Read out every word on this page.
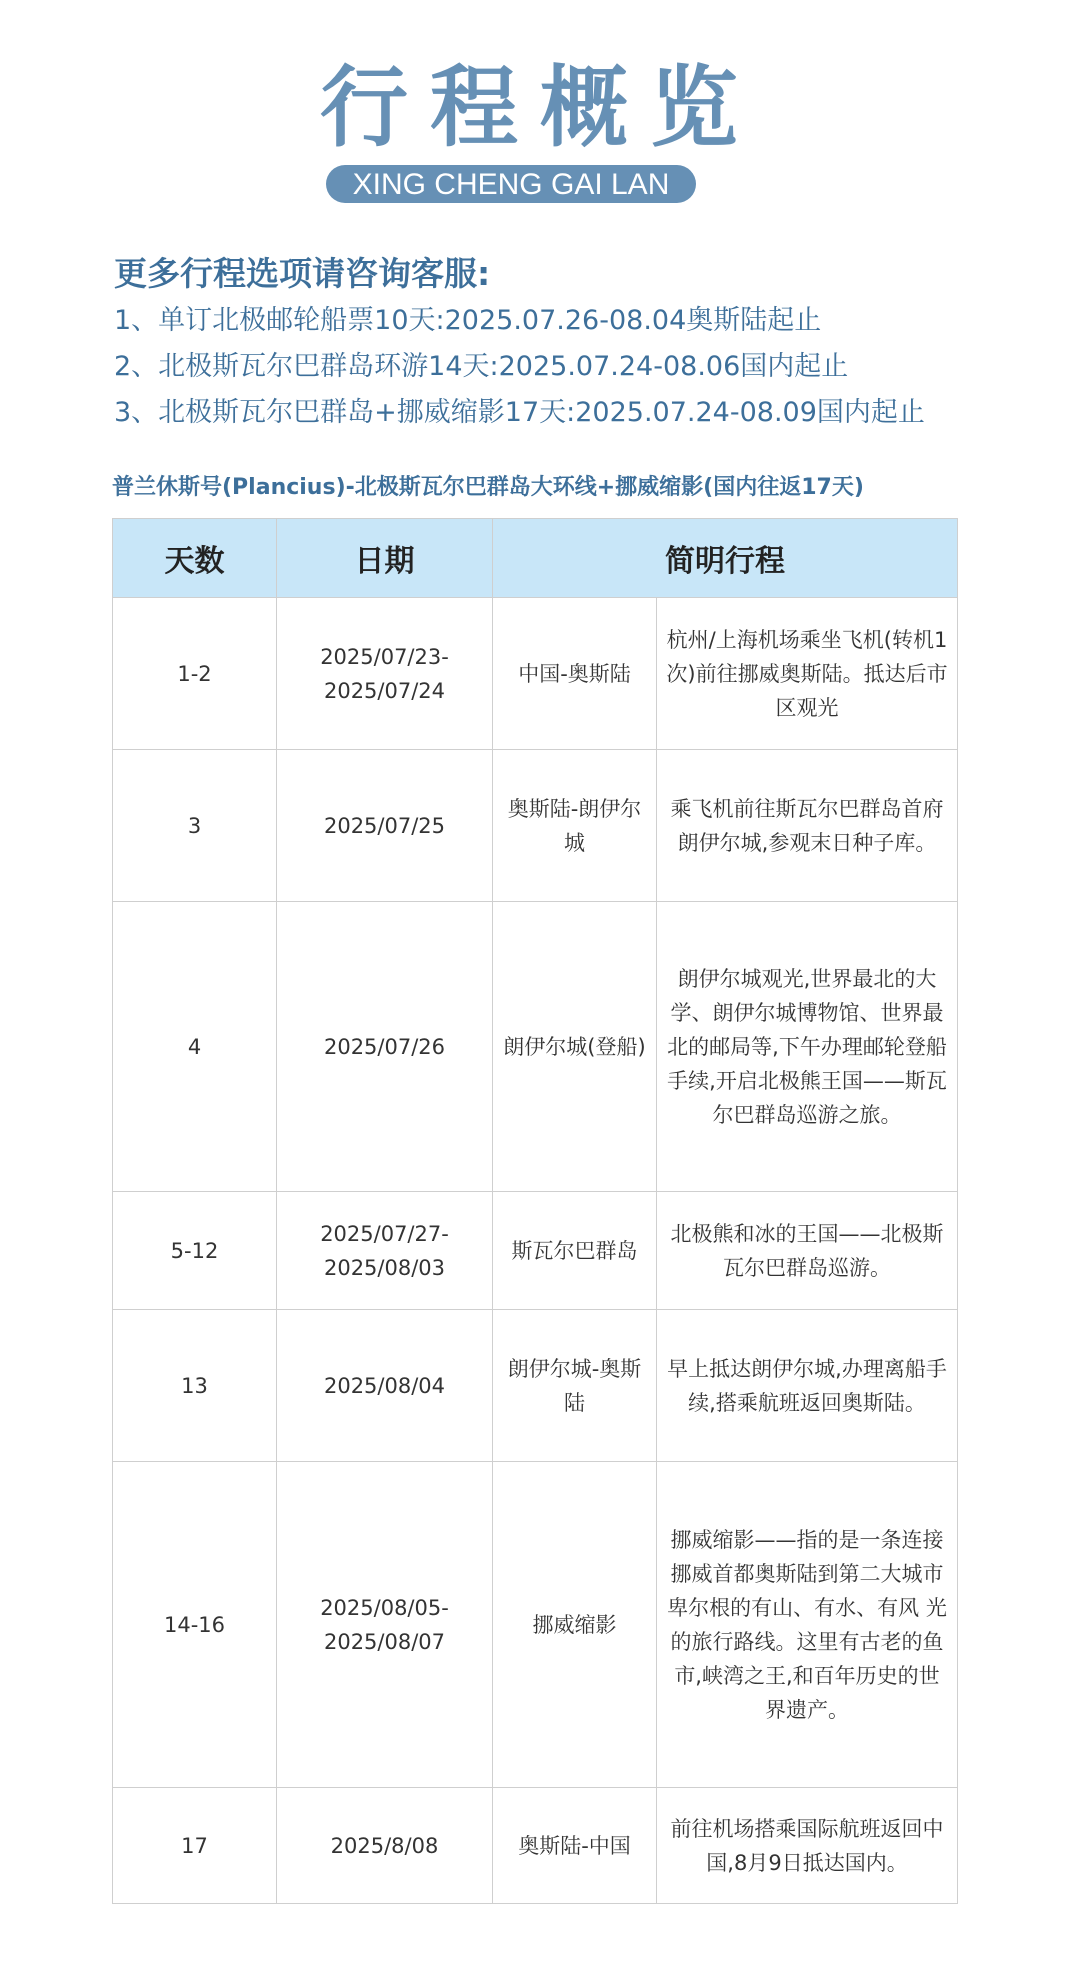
行程概览
XING CHENG GAI LAN
更多行程选项请咨询客服:
1、单订北极邮轮船票10天:2025.07.26-08.04奥斯陆起止
2、北极斯瓦尔巴群岛环游14天:2025.07.24-08.06国内起止
3、北极斯瓦尔巴群岛+挪威缩影17天:2025.07.24-08.09国内起止
普兰休斯号(Plancius)-北极斯瓦尔巴群岛大环线+挪威缩影(国内往返17天)
天数	日期	简明行程	
1-2	2025/07/23-2025/07/24	中国-奥斯陆	杭州/上海机场乘坐飞机(转机1次)前往挪威奥斯陆。抵达后市区观光
3	2025/07/25	奥斯陆-朗伊尔城	乘飞机前往斯瓦尔巴群岛首府朗伊尔城,参观末日种子库。
4	2025/07/26	朗伊尔城(登船)	朗伊尔城观光,世界最北的大学、朗伊尔城博物馆、世界最北的邮局等,下午办理邮轮登船手续,开启北极熊王国——斯瓦尔巴群岛巡游之旅。
5-12	2025/07/27-2025/08/03	斯瓦尔巴群岛	北极熊和冰的王国——北极斯瓦尔巴群岛巡游。
13	2025/08/04	朗伊尔城-奥斯陆	早上抵达朗伊尔城,办理离船手续,搭乘航班返回奥斯陆。
14-16	2025/08/05-2025/08/07	挪威缩影	挪威缩影——指的是一条连接挪威首都奥斯陆到第二大城市卑尔根的有山、有水、有风 光的旅行路线。这里有古老的鱼市,峡湾之王,和百年历史的世界遗产。
17	2025/8/08	奥斯陆-中国	前往机场搭乘国际航班返回中国,8月9日抵达国内。
